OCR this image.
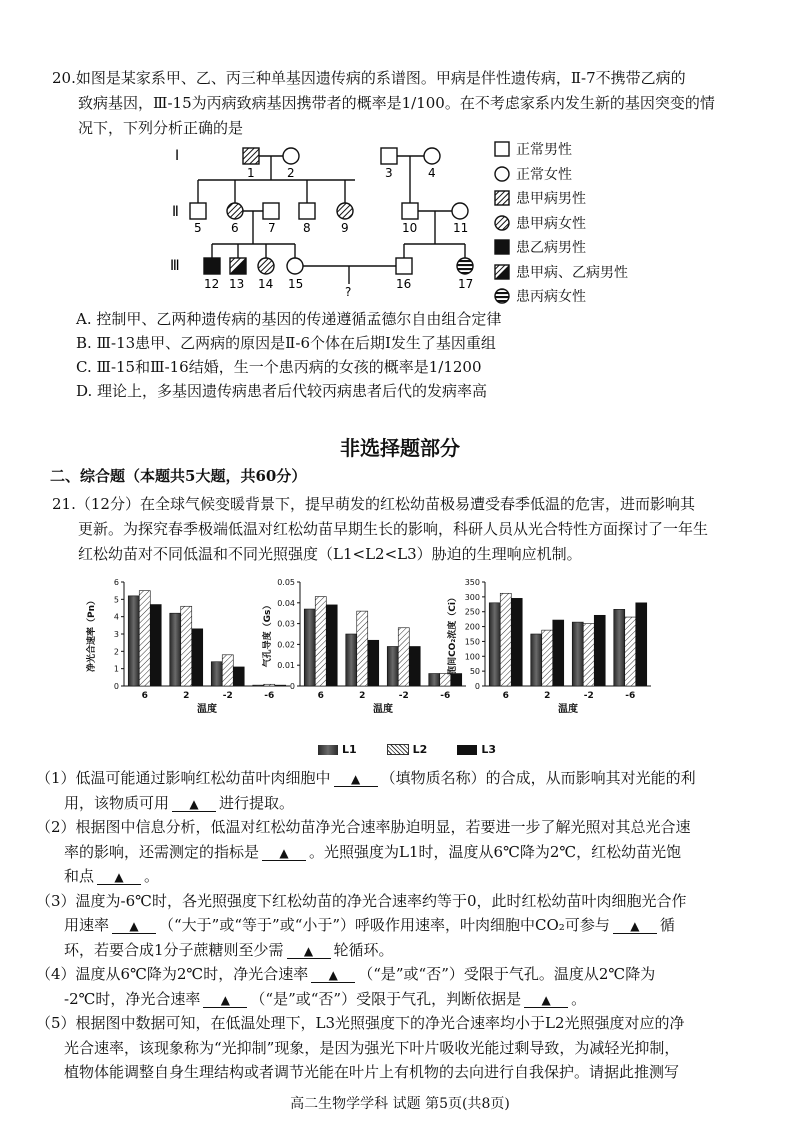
20.如图是某家系甲、乙、丙三种单基因遗传病的系谱图。甲病是伴性遗传病，Ⅱ-7不携带乙病的
致病基因，Ⅲ-15为丙病致病基因携带者的概率是1/100。在不考虑家系内发生新的基因突变的情
况下，下列分析正确的是
Ⅰ
Ⅱ
Ⅲ
1	2	3	4
5 6 7 8	9	10	11
?
12 13 14 15	16	17
正常男性
正常女性
患甲病男性
患甲病女性
患乙病男性
患甲病、乙病男性
患丙病女性
A. 控制甲、乙两种遗传病的基因的传递遵循孟德尔自由组合定律
B. Ⅲ-13患甲、乙两病的原因是Ⅱ-6个体在后期Ⅰ发生了基因重组
C. Ⅲ-15和Ⅲ-16结婚，生一个患丙病的女孩的概率是1/1200
D. 理论上，多基因遗传病患者后代较丙病患者后代的发病率高
非选择题部分
二、综合题（本题共5大题，共60分）
21.（12分）在全球气候变暖背景下，提早萌发的红松幼苗极易遭受春季低温的危害，进而影响其
更新。为探究春季极端低温对红松幼苗早期生长的影响，科研人员从光合特性方面探讨了一年生
红松幼苗对不同低温和不同光照强度（L1<L2<L3）胁迫的生理响应机制。
0
1
2
3
4
5
6
净光合速率（Pn）
6	2	-2	-6
温度
0
0.01
0.02
0.03
0.04
0.05
气孔导度（Gs）
6	2	-2	-6
温度
0
50
100
150
200
250
300
350
胞间CO₂浓度（Ci）
6	2	-2	-6
温度
L1	L2	L3
（1）低温可能通过影响红松幼苗叶肉细胞中 ▲ （填物质名称）的合成，从而影响其对光能的利
用，该物质可用 ▲ 进行提取。
（2）根据图中信息分析，低温对红松幼苗净光合速率胁迫明显，若要进一步了解光照对其总光合速
率的影响，还需测定的指标是 ▲ 。光照强度为L1时，温度从6℃降为2℃，红松幼苗光饱
和点 ▲ 。
（3）温度为-6℃时，各光照强度下红松幼苗的净光合速率约等于0，此时红松幼苗叶肉细胞光合作
用速率 ▲ （“大于”或“等于”或“小于”）呼吸作用速率，叶肉细胞中CO₂可参与 ▲ 循
环，若要合成1分子蔗糖则至少需 ▲ 轮循环。
（4）温度从6℃降为2℃时，净光合速率 ▲ （“是”或“否”）受限于气孔。温度从2℃降为
-2℃时，净光合速率 ▲ （“是”或“否”）受限于气孔，判断依据是 ▲ 。
（5）根据图中数据可知，在低温处理下，L3光照强度下的净光合速率均小于L2光照强度对应的净
光合速率，该现象称为“光抑制”现象，是因为强光下叶片吸收光能过剩导致，为减轻光抑制，
植物体能调整自身生理结构或者调节光能在叶片上有机物的去向进行自我保护。请据此推测写
高二生物学学科 试题 第5页(共8页)
